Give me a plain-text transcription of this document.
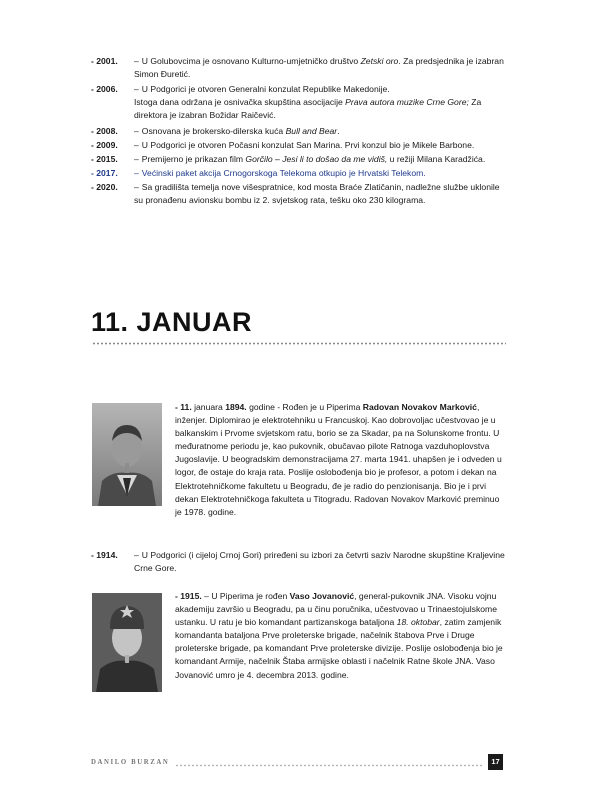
- 2001. – U Golubovcima je osnovano Kulturno-umjetničko društvo Zetski oro. Za predsjednika je izabran Simon Đuretić.
- 2006. – U Podgorici je otvoren Generalni konzulat Republike Makedonije.
Istoga dana održana je osnivačka skupština asocijacije Prava autora muzike Crne Gore; Za direktora je izabran Božidar Raičević.
- 2008. – Osnovana je brokersko-dilerska kuća Bull and Bear.
- 2009. – U Podgorici je otvoren Počasni konzulat San Marina. Prvi konzul bio je Mikele Barbone.
- 2015. – Premijerno je prikazan film Gorčilo – Jesi li to došao da me vidiš, u režiji Milana Karadžića.
- 2017. – Većinski paket akcija Crnogorskoga Telekoma otkupio je Hrvatski Telekom.
- 2020. – Sa gradilišta temelja nove višespratnice, kod mosta Braće Zlatičanin, nadležne službe uklonile su pronađenu avionsku bombu iz 2. svjetskog rata, tešku oko 230 kilograma.
11. JANUAR
- 11. januara 1894. godine - Rođen je u Piperima Radovan Novakov Marković, inženjer. Diplomirao je elektrotehniku u Francuskoj. Kao dobrovoljac učestvovao je u balkanskim i Prvome svjetskom ratu, borio se za Skadar, pa na Solunskome frontu. U međuratnome periodu je, kao pukovnik, obučavao pilote Ratnoga vazduhoplovstva Jugoslavije. U beogradskim demonstracijama 27. marta 1941. uhapšen je i odveden u logor, đe ostaje do kraja rata. Poslije oslobođenja bio je profesor, a potom i dekan na Elektrotehničkome fakultetu u Beogradu, đe je radio do penzionisanja. Bio je i prvi dekan Elektrotehničkoga fakulteta u Titogradu. Radovan Novakov Marković preminuo je 1978. godine.
- 1914. – U Podgorici (i cijeloj Crnoj Gori) priređeni su izbori za četvrti saziv Narodne skupštine Kraljevine Crne Gore.
- 1915. – U Piperima je rođen Vaso Jovanović, general-pukovnik JNA. Visoku vojnu akademiju završio u Beogradu, pa u činu poručnika, učestvovao u Trinaestojulskome ustanku. U ratu je bio komandant partizanskoga bataljona 18. oktobar, zatim zamjenik komandanta bataljona Prve proleterske brigade, načelnik štabova Prve i Druge proleterske brigade, pa komandant Prve proleterske divizije. Poslije oslobođenja bio je komandant Armije, načelnik Štaba armijske oblasti i načelnik Ratne škole JNA. Vaso Jovanović umro je 4. decembra 2013. godine.
DANILO BURZAN	17
